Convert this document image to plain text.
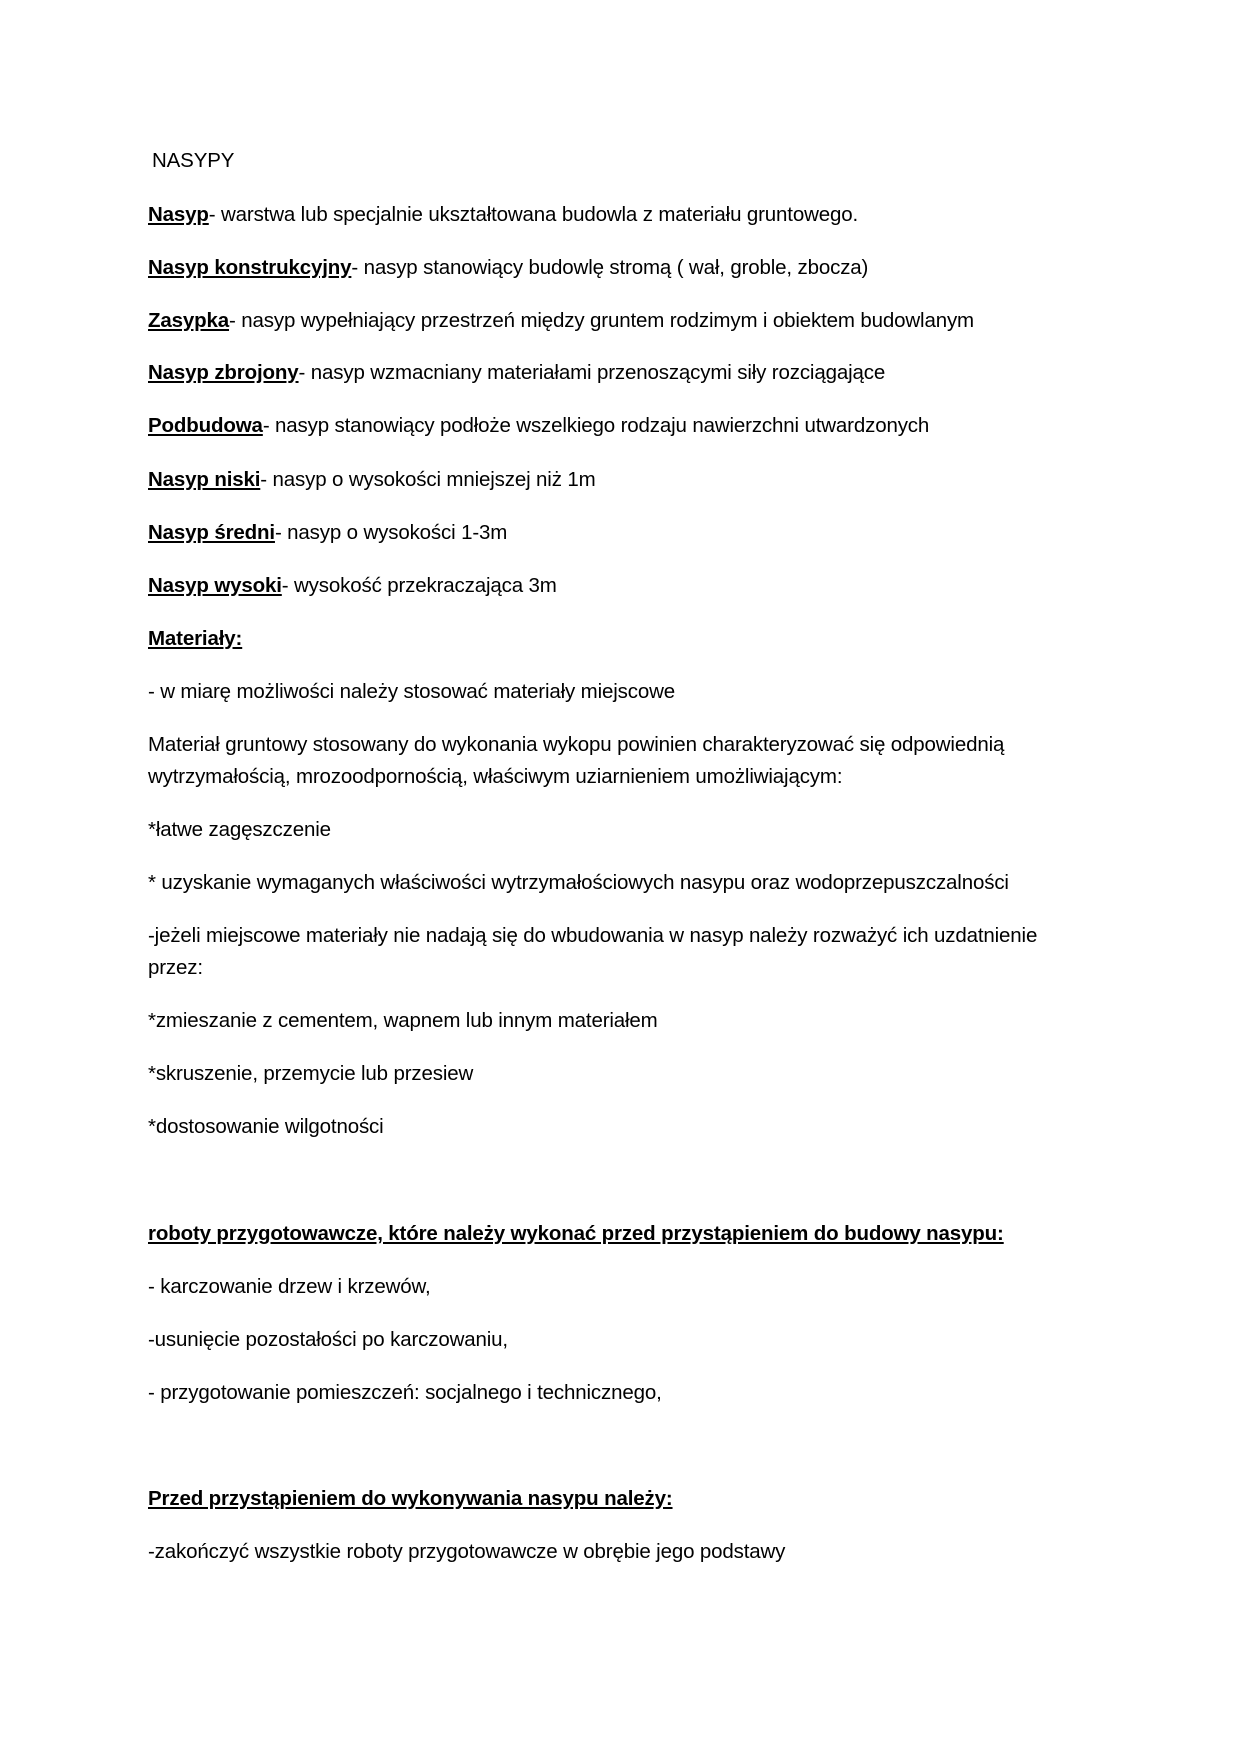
NASYPY
Nasyp- warstwa lub specjalnie ukształtowana budowla z materiału gruntowego.
Nasyp konstrukcyjny- nasyp stanowiący budowlę stromą ( wał, groble, zbocza)
Zasypka- nasyp wypełniający przestrzeń między gruntem rodzimym i obiektem budowlanym
Nasyp zbrojony- nasyp wzmacniany materiałami przenoszącymi siły rozciągające
Podbudowa- nasyp stanowiący podłoże wszelkiego rodzaju nawierzchni utwardzonych
Nasyp niski- nasyp o wysokości mniejszej niż 1m
Nasyp średni- nasyp o wysokości 1-3m
Nasyp wysoki- wysokość przekraczająca 3m
Materiały:
- w miarę możliwości należy stosować materiały miejscowe
Materiał gruntowy stosowany do wykonania wykopu powinien charakteryzować się odpowiednią
wytrzymałością, mrozoodpornością, właściwym uziarnieniem umożliwiającym:
*łatwe zagęszczenie
* uzyskanie wymaganych właściwości wytrzymałościowych nasypu oraz wodoprzepuszczalności
-jeżeli miejscowe materiały nie nadają się do wbudowania w nasyp należy rozważyć ich uzdatnienie
przez:
*zmieszanie z cementem, wapnem lub innym materiałem
*skruszenie, przemycie lub przesiew
*dostosowanie wilgotności
roboty przygotowawcze, które należy wykonać przed przystąpieniem do budowy nasypu:
- karczowanie drzew i krzewów,
-usunięcie pozostałości po karczowaniu,
- przygotowanie pomieszczeń: socjalnego i technicznego,
Przed przystąpieniem do wykonywania nasypu należy:
-zakończyć wszystkie roboty przygotowawcze w obrębie jego podstawy
